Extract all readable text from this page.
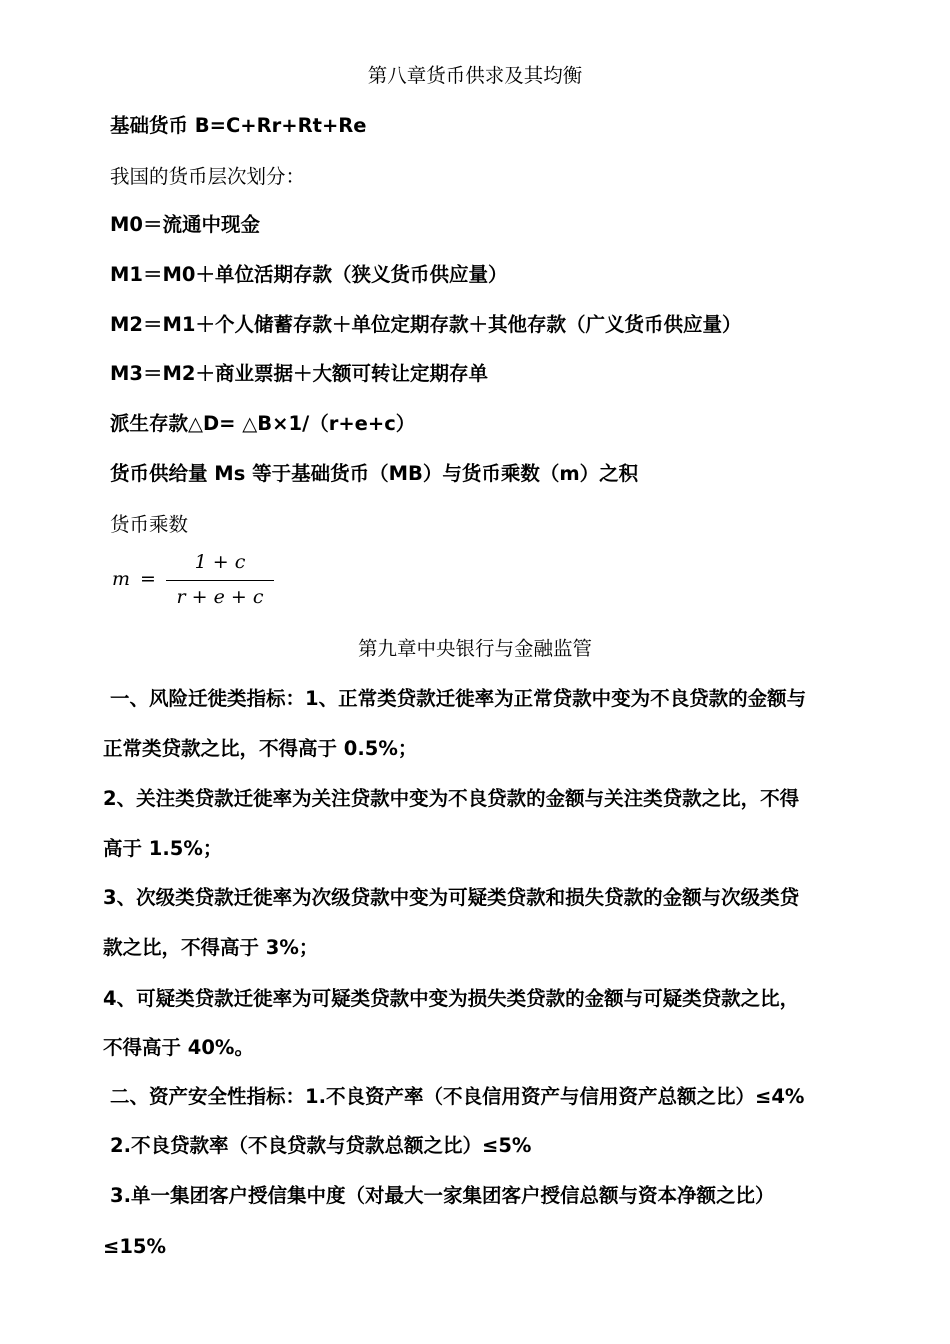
第八章货币供求及其均衡
基础货币 B=C+Rr+Rt+Re
我国的货币层次划分：
M0＝流通中现金
M1＝M0＋单位活期存款（狭义货币供应量）
M2＝M1＋个人储蓄存款＋单位定期存款＋其他存款（广义货币供应量）
M3＝M2＋商业票据＋大额可转让定期存单
派生存款△D= △B×1/（r+e+c）
货币供给量 Ms 等于基础货币（MB）与货币乘数（m）之积
货币乘数
m =
1 + c
r + e + c
第九章中央银行与金融监管
一、风险迁徙类指标：1、正常类贷款迁徙率为正常贷款中变为不良贷款的金额与
正常类贷款之比，不得高于 0.5%；
2、关注类贷款迁徙率为关注贷款中变为不良贷款的金额与关注类贷款之比，不得
高于 1.5%；
3、次级类贷款迁徙率为次级贷款中变为可疑类贷款和损失贷款的金额与次级类贷
款之比，不得高于 3%；
4、可疑类贷款迁徙率为可疑类贷款中变为损失类贷款的金额与可疑类贷款之比，
不得高于 40%。
二、资产安全性指标：1.不良资产率（不良信用资产与信用资产总额之比）≤4%
2.不良贷款率（不良贷款与贷款总额之比）≤5%
3.单一集团客户授信集中度（对最大一家集团客户授信总额与资本净额之比）
≤15%
